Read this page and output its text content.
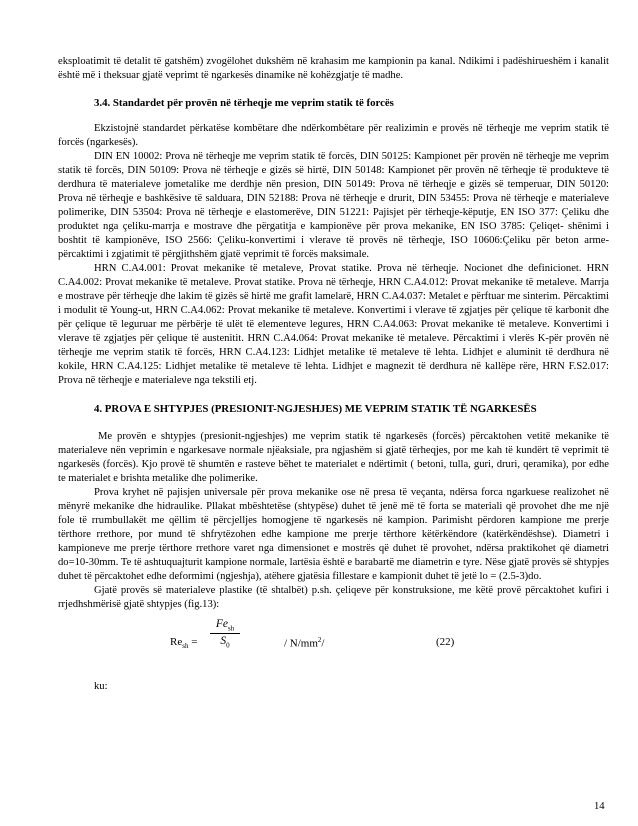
eksploatimit të detalit të gatshëm) zvogëlohet dukshëm në krahasim me kampionin pa kanal. Ndikimi i padëshirueshëm i kanalit është më i theksuar gjatë veprimt të ngarkesës dinamike në kohëzgjatje të madhe.

3.4. Standardet për provën në tërheqje me veprim statik të forcës

Ekzistojnë standardet përkatëse kombëtare dhe ndërkombëtare për realizimin e provës në tërheqje me veprim statik të forcës (ngarkesës).

DIN EN 10002: Prova në tërheqje me veprim statik të forcës, DIN 50125: Kampionet për provën në tërheqje me veprim statik të forcës, DIN 50109: Prova në tërheqje e gizës së hirtë, DIN 50148: Kampionet për provën në tërheqje të produkteve të derdhura të materialeve jometalike me derdhje nën presion, DIN 50149: Prova në tërheqje e gizës së temperuar, DIN 50120: Prova në tërheqje e bashkësive të salduara, DIN 52188: Prova në tërheqje e drurit, DIN 53455: Prova në tërheqje e materialeve polimerike, DIN 53504: Prova në tërheqje e elastomerëve, DIN 51221: Pajisjet për tërheqje-këputje, EN ISO 377: Çeliku dhe produktet nga çeliku-marrja e mostrave dhe përgatitja e kampionëve për prova mekanike, EN ISO 3785: Çeliqet- shënimi i boshtit të kampionëve, ISO 2566: Çeliku-konvertimi i vlerave të provës në tërheqje, ISO 10606:Çeliku për beton arme-përcaktimi i zgjatimit të përgjithshëm gjatë veprimit të forcës maksimale.

HRN C.A4.001: Provat mekanike të metaleve, Provat statike. Prova në tërheqje. Nocionet dhe definicionet. HRN C.A4.002: Provat mekanike të metaleve. Provat statike. Prova në tërheqje, HRN C.A4.012: Provat mekanike të metaleve. Marrja e mostrave për tërheqje dhe lakim të gizës së hirtë me grafit lamelarë, HRN C.A4.037: Metalet e përftuar me sinterim. Përcaktimi i modulit të Young-ut, HRN C.A4.062: Provat mekanike të metaleve. Konvertimi i vlerave të zgjatjes për çelique të karbonit dhe për çelique të leguruar me përbërje të ulët të elementeve legures, HRN C.A4.063: Provat mekanike të metaleve. Konvertimi i vlerave të zgjatjes për çelique të austenitit. HRN C.A4.064: Provat mekanike të metaleve. Përcaktimi i vlerës K-për provën në tërheqje me veprim statik të forcës, HRN C.A4.123: Lidhjet metalike të metaleve të lehta. Lidhjet e aluminit të derdhura në kokile, HRN C.A4.125: Lidhjet metalike të metaleve të lehta. Lidhjet e magnezit të derdhura në kallëpe rëre, HRN F.S2.017: Prova në tërheqje e materialeve nga tekstili etj.

4. PROVA E SHTYPJES (PRESIONIT-NGJESHJES) ME VEPRIM STATIK TË NGARKESËS

Me provën e shtypjes (presionit-ngjeshjes) me veprim statik të ngarkesës (forcës) përcaktohen vetitë mekanike të materialeve nën veprimin e ngarkesave normale njëaksiale, pra ngjashëm si gjatë tërheqjes, por me kah të kundërt të veprimit të ngarkesës (forcës). Kjo provë të shumtën e rasteve bëhet te materialet e ndërtimit ( betoni, tulla, guri, druri, qeramika), por edhe te materialet e brishta metalike dhe polimerike.

Prova kryhet në pajisjen universale për prova mekanike ose në presa të veçanta, ndërsa forca ngarkuese realizohet në mënyrë mekanike dhe hidraulike. Pllakat mbështetëse (shtypëse) duhet të jenë më të forta se materiali që provohet dhe me një fole të rrumbullakët me qëllim të përcjelljes homogjene të ngarkesës në kampion. Parimisht përdoren kampione me prerje tërthore rrethore, por mund të shfrytëzohen edhe kampione me prerje tërthore këtërkëndore (katërkëndëshse). Diametri i kampioneve me prerje tërthore rrethore varet nga dimensionet e mostrës që duhet të provohet, ndërsa praktikohet që diametri do=10-30mm. Te të ashtuquajturit kampione normale, lartësia është e barabartë me diametrin e tyre. Nëse gjatë provës së shtypjes duhet të përcaktohet edhe deformimi (ngjeshja), atëhere gjatësia fillestare e kampionit duhet të jetë lo = (2.5-3)do.

Gjatë provës së materialeve plastike (të shtalbët) p.sh. çeliqeve për konstruksione, me këtë provë përcaktohet kufiri i rrjedhshmërisë gjatë shtypjes (fig.13):

$Re_{sh}$ =
$Fe_{sh}$
$S_0$	/ $N/mm^2/$	(22)

ku:

14
